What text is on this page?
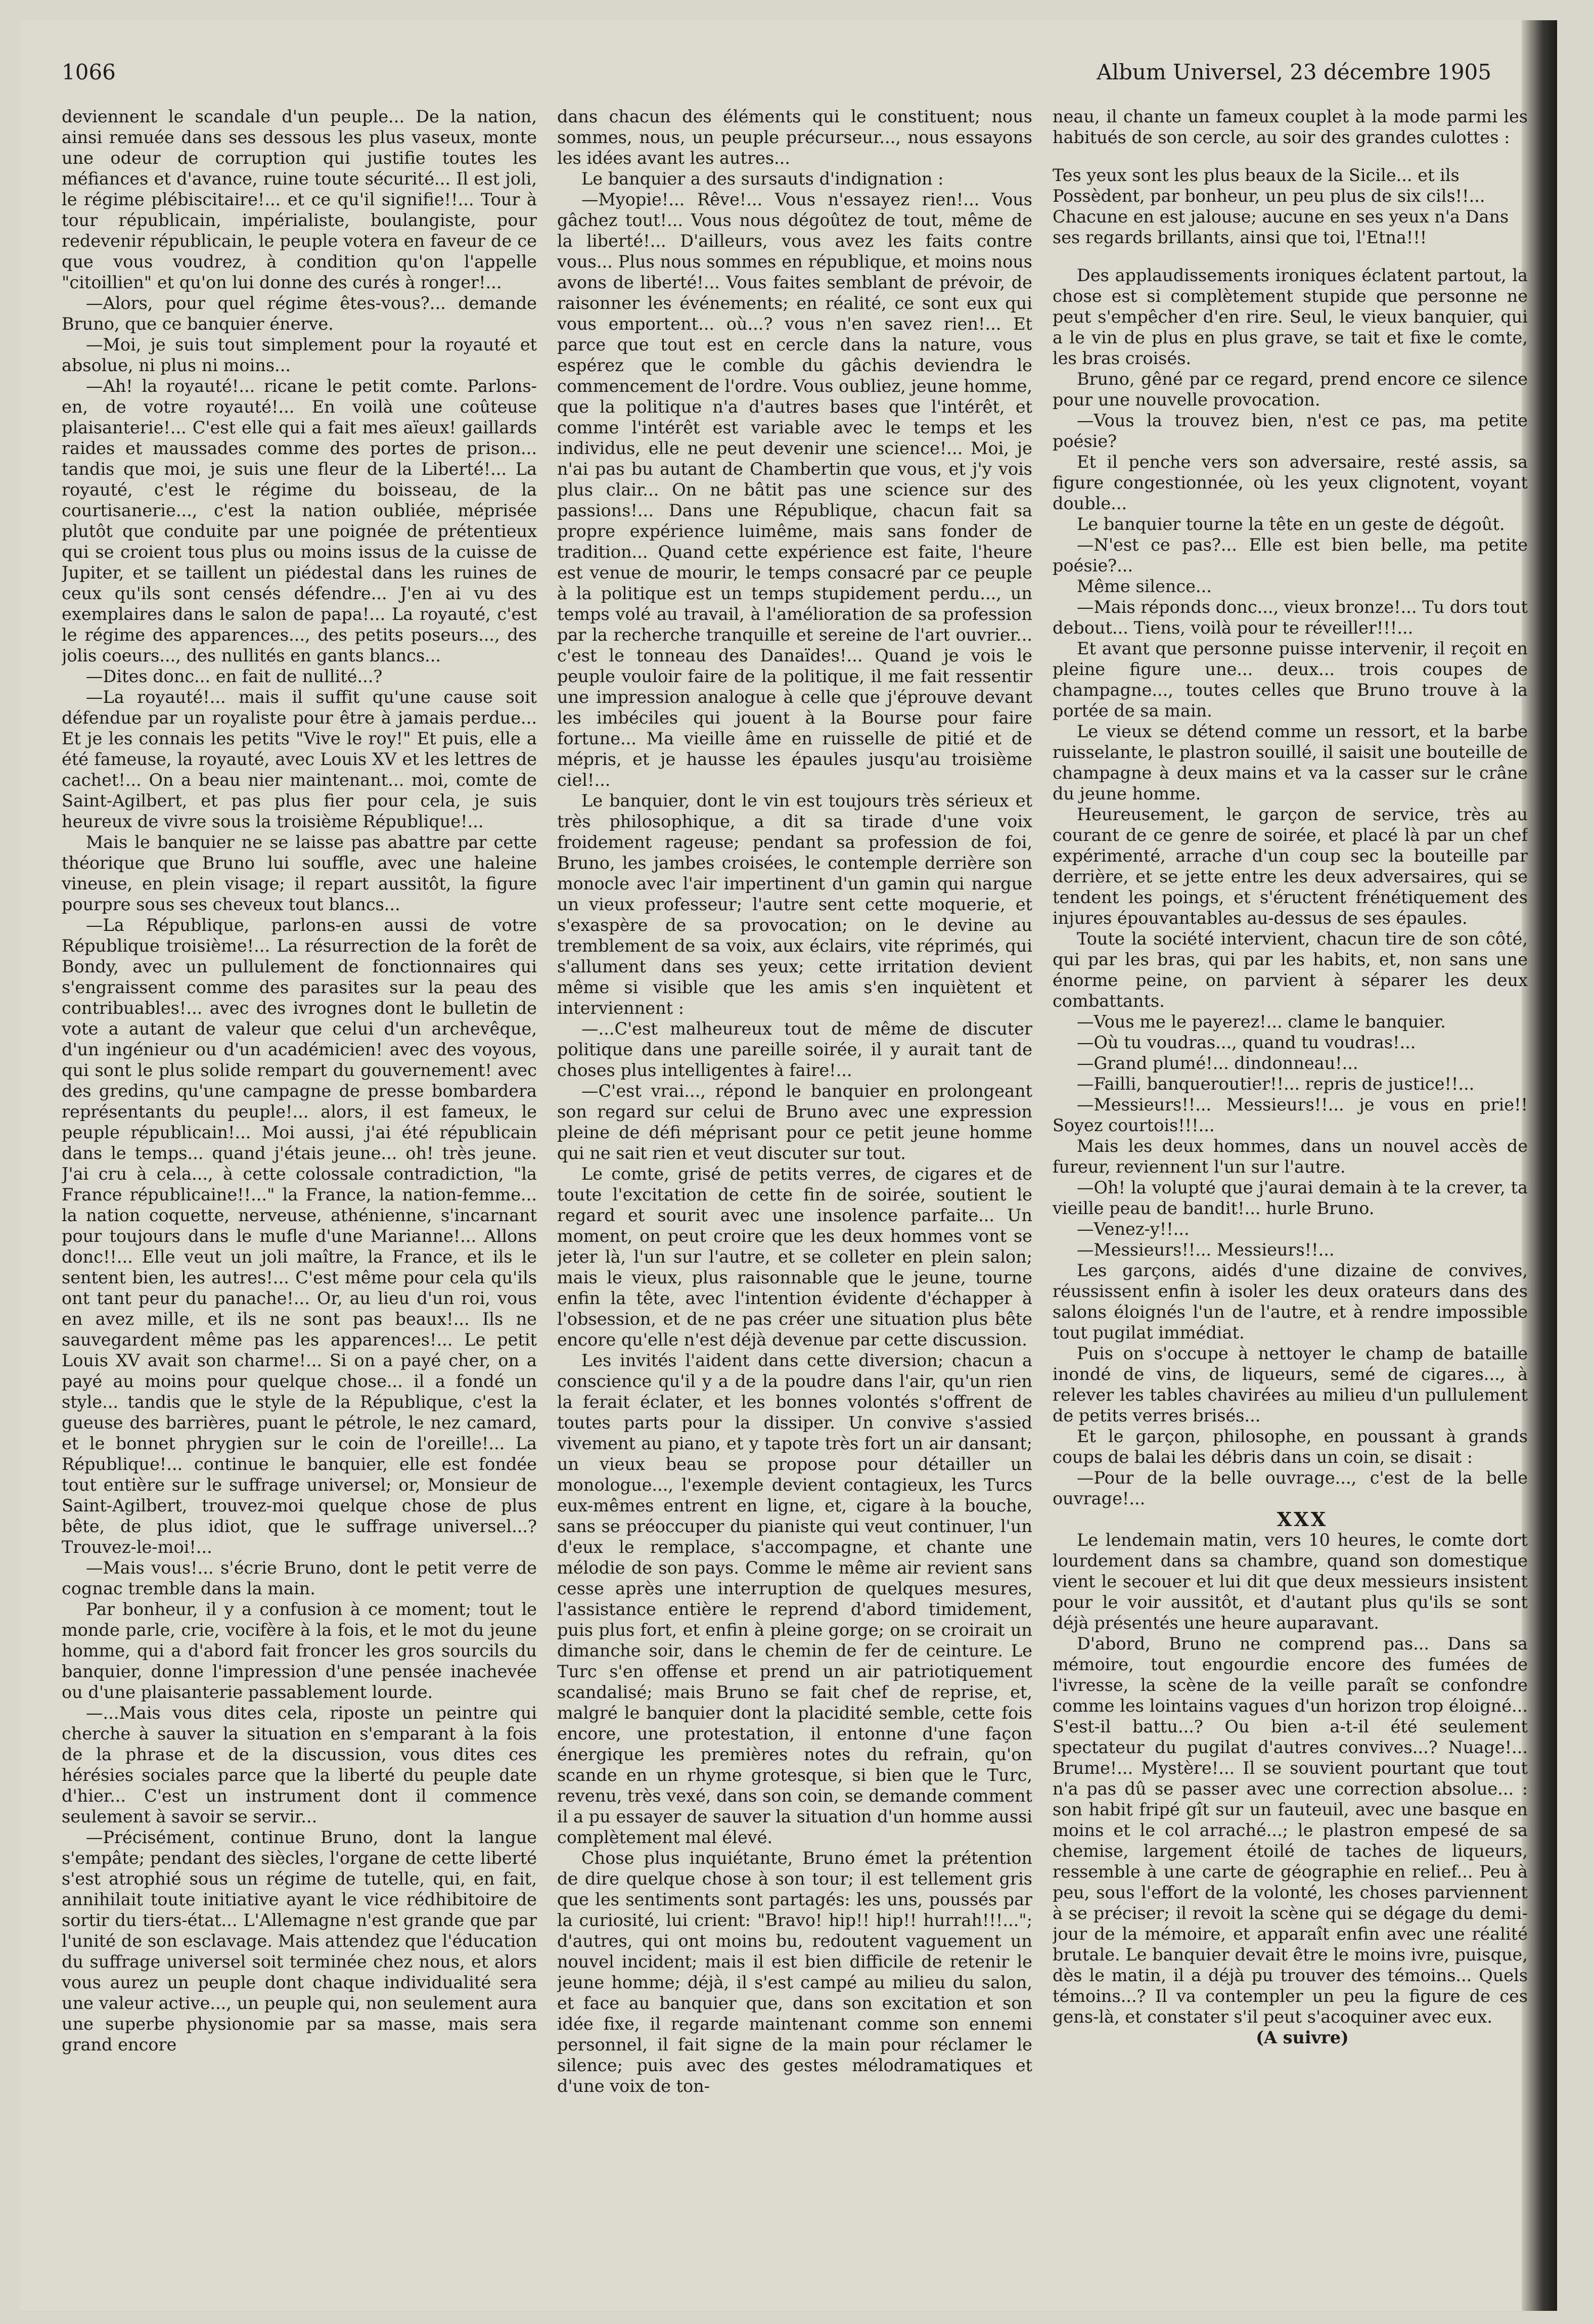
1066	Album Universel, 23 décembre 1905

deviennent le scandale d'un peuple... De la nation, ainsi remuée dans ses dessous les plus vaseux, monte une odeur de corruption qui justifie toutes les méfiances et d'avance, ruine toute sécurité... Il est joli, le régime plébiscitaire!... et ce qu'il signifie!!... Tour à tour républicain, impérialiste, boulangiste, pour redevenir républicain, le peuple votera en faveur de ce que vous voudrez, à condition qu'on l'appelle "citoillien" et qu'on lui donne des curés à ronger!...

—Alors, pour quel régime êtes-vous?... demande Bruno, que ce banquier énerve.

—Moi, je suis tout simplement pour la royauté et absolue, ni plus ni moins...

—Ah! la royauté!... ricane le petit comte. Parlons-en, de votre royauté!... En voilà une coûteuse plaisanterie!... C'est elle qui a fait mes aïeux! gaillards raides et maussades comme des portes de prison... tandis que moi, je suis une fleur de la Liberté!... La royauté, c'est le régime du boisseau, de la courtisanerie..., c'est la nation oubliée, méprisée plutôt que conduite par une poignée de prétentieux qui se croient tous plus ou moins issus de la cuisse de Jupiter, et se taillent un piédestal dans les ruines de ceux qu'ils sont censés défendre... J'en ai vu des exemplaires dans le salon de papa!... La royauté, c'est le régime des apparences..., des petits poseurs..., des jolis coeurs..., des nullités en gants blancs...

—Dites donc... en fait de nullité...?

—La royauté!... mais il suffit qu'une cause soit défendue par un royaliste pour être à jamais perdue... Et je les connais les petits "Vive le roy!" Et puis, elle a été fameuse, la royauté, avec Louis XV et les lettres de cachet!... On a beau nier maintenant... moi, comte de Saint-Agilbert, et pas plus fier pour cela, je suis heureux de vivre sous la troisième République!...

Mais le banquier ne se laisse pas abattre par cette théorique que Bruno lui souffle, avec une haleine vineuse, en plein visage; il repart aussitôt, la figure pourpre sous ses cheveux tout blancs...

—La République, parlons-en aussi de votre République troisième!... La résurrection de la forêt de Bondy, avec un pullulement de fonctionnaires qui s'engraissent comme des parasites sur la peau des contribuables!... avec des ivrognes dont le bulletin de vote a autant de valeur que celui d'un archevêque, d'un ingénieur ou d'un académicien! avec des voyous, qui sont le plus solide rempart du gouvernement! avec des gredins, qu'une campagne de presse bombardera représentants du peuple!... alors, il est fameux, le peuple républicain!... Moi aussi, j'ai été républicain dans le temps... quand j'étais jeune... oh! très jeune. J'ai cru à cela..., à cette colossale contradiction, "la France républicaine!!..." la France, la nation-femme... la nation coquette, nerveuse, athénienne, s'incarnant pour toujours dans le mufle d'une Marianne!... Allons donc!!... Elle veut un joli maître, la France, et ils le sentent bien, les autres!... C'est même pour cela qu'ils ont tant peur du panache!... Or, au lieu d'un roi, vous en avez mille, et ils ne sont pas beaux!... Ils ne sauvegardent même pas les apparences!... Le petit Louis XV avait son charme!... Si on a payé cher, on a payé au moins pour quelque chose... il a fondé un style... tandis que le style de la République, c'est la gueuse des barrières, puant le pétrole, le nez camard, et le bonnet phrygien sur le coin de l'oreille!... La République!... continue le banquier, elle est fondée tout entière sur le suffrage universel; or, Monsieur de Saint-Agilbert, trouvez-moi quelque chose de plus bête, de plus idiot, que le suffrage universel...? Trouvez-le-moi!...

—Mais vous!... s'écrie Bruno, dont le petit verre de cognac tremble dans la main.

Par bonheur, il y a confusion à ce moment; tout le monde parle, crie, vocifère à la fois, et le mot du jeune homme, qui a d'abord fait froncer les gros sourcils du banquier, donne l'impression d'une pensée inachevée ou d'une plaisanterie passablement lourde.

—...Mais vous dites cela, riposte un peintre qui cherche à sauver la situation en s'emparant à la fois de la phrase et de la discussion, vous dites ces hérésies sociales parce que la liberté du peuple date d'hier... C'est un instrument dont il commence seulement à savoir se servir...

—Précisément, continue Bruno, dont la langue s'empâte; pendant des siècles, l'organe de cette liberté s'est atrophié sous un régime de tutelle, qui, en fait, annihilait toute initiative ayant le vice rédhibitoire de sortir du tiers-état... L'Allemagne n'est grande que par l'unité de son esclavage. Mais attendez que l'éducation du suffrage universel soit terminée chez nous, et alors vous aurez un peuple dont chaque individualité sera une valeur active..., un peuple qui, non seulement aura une superbe physionomie par sa masse, mais sera grand encore

dans chacun des éléments qui le constituent; nous sommes, nous, un peuple précurseur..., nous essayons les idées avant les autres...

Le banquier a des sursauts d'indignation :

—Myopie!... Rêve!... Vous n'essayez rien!... Vous gâchez tout!... Vous nous dégoûtez de tout, même de la liberté!... D'ailleurs, vous avez les faits contre vous... Plus nous sommes en république, et moins nous avons de liberté!... Vous faites semblant de prévoir, de raisonner les événements; en réalité, ce sont eux qui vous emportent... où...? vous n'en savez rien!... Et parce que tout est en cercle dans la nature, vous espérez que le comble du gâchis deviendra le commencement de l'ordre. Vous oubliez, jeune homme, que la politique n'a d'autres bases que l'intérêt, et comme l'intérêt est variable avec le temps et les individus, elle ne peut devenir une science!... Moi, je n'ai pas bu autant de Chambertin que vous, et j'y vois plus clair... On ne bâtit pas une science sur des passions!... Dans une République, chacun fait sa propre expérience luimême, mais sans fonder de tradition... Quand cette expérience est faite, l'heure est venue de mourir, le temps consacré par ce peuple à la politique est un temps stupidement perdu..., un temps volé au travail, à l'amélioration de sa profession par la recherche tranquille et sereine de l'art ouvrier... c'est le tonneau des Danaïdes!... Quand je vois le peuple vouloir faire de la politique, il me fait ressentir une impression analogue à celle que j'éprouve devant les imbéciles qui jouent à la Bourse pour faire fortune... Ma vieille âme en ruisselle de pitié et de mépris, et je hausse les épaules jusqu'au troisième ciel!...

Le banquier, dont le vin est toujours très sérieux et très philosophique, a dit sa tirade d'une voix froidement rageuse; pendant sa profession de foi, Bruno, les jambes croisées, le contemple derrière son monocle avec l'air impertinent d'un gamin qui nargue un vieux professeur; l'autre sent cette moquerie, et s'exaspère de sa provocation; on le devine au tremblement de sa voix, aux éclairs, vite réprimés, qui s'allument dans ses yeux; cette irritation devient même si visible que les amis s'en inquiètent et interviennent :

—...C'est malheureux tout de même de discuter politique dans une pareille soirée, il y aurait tant de choses plus intelligentes à faire!...

—C'est vrai..., répond le banquier en prolongeant son regard sur celui de Bruno avec une expression pleine de défi méprisant pour ce petit jeune homme qui ne sait rien et veut discuter sur tout.

Le comte, grisé de petits verres, de cigares et de toute l'excitation de cette fin de soirée, soutient le regard et sourit avec une insolence parfaite... Un moment, on peut croire que les deux hommes vont se jeter là, l'un sur l'autre, et se colleter en plein salon; mais le vieux, plus raisonnable que le jeune, tourne enfin la tête, avec l'intention évidente d'échapper à l'obsession, et de ne pas créer une situation plus bête encore qu'elle n'est déjà devenue par cette discussion.

Les invités l'aident dans cette diversion; chacun a conscience qu'il y a de la poudre dans l'air, qu'un rien la ferait éclater, et les bonnes volontés s'offrent de toutes parts pour la dissiper. Un convive s'assied vivement au piano, et y tapote très fort un air dansant; un vieux beau se propose pour détailler un monologue..., l'exemple devient contagieux, les Turcs eux-mêmes entrent en ligne, et, cigare à la bouche, sans se préoccuper du pianiste qui veut continuer, l'un d'eux le remplace, s'accompagne, et chante une mélodie de son pays. Comme le même air revient sans cesse après une interruption de quelques mesures, l'assistance entière le reprend d'abord timidement, puis plus fort, et enfin à pleine gorge; on se croirait un dimanche soir, dans le chemin de fer de ceinture. Le Turc s'en offense et prend un air patriotiquement scandalisé; mais Bruno se fait chef de reprise, et, malgré le banquier dont la placidité semble, cette fois encore, une protestation, il entonne d'une façon énergique les premières notes du refrain, qu'on scande en un rhyme grotesque, si bien que le Turc, revenu, très vexé, dans son coin, se demande comment il a pu essayer de sauver la situation d'un homme aussi complètement mal élevé.

Chose plus inquiétante, Bruno émet la prétention de dire quelque chose à son tour; il est tellement gris que les sentiments sont partagés: les uns, poussés par la curiosité, lui crient: "Bravo! hip!! hip!! hurrah!!!..."; d'autres, qui ont moins bu, redoutent vaguement un nouvel incident; mais il est bien difficile de retenir le jeune homme; déjà, il s'est campé au milieu du salon, et face au banquier que, dans son excitation et son idée fixe, il regarde maintenant comme son ennemi personnel, il fait signe de la main pour réclamer le silence; puis avec des gestes mélodramatiques et d'une voix de ton-

neau, il chante un fameux couplet à la mode parmi les habitués de son cercle, au soir des grandes culottes :

Tes yeux sont les plus beaux de la Sicile... et ils Possèdent, par bonheur, un peu plus de six cils!!... Chacune en est jalouse; aucune en ses yeux n'a Dans ses regards brillants, ainsi que toi, l'Etna!!!

Des applaudissements ironiques éclatent partout, la chose est si complètement stupide que personne ne peut s'empêcher d'en rire. Seul, le vieux banquier, qui a le vin de plus en plus grave, se tait et fixe le comte, les bras croisés.

Bruno, gêné par ce regard, prend encore ce silence pour une nouvelle provocation.

—Vous la trouvez bien, n'est ce pas, ma petite poésie?

Et il penche vers son adversaire, resté assis, sa figure congestionnée, où les yeux clignotent, voyant double...

Le banquier tourne la tête en un geste de dégoût.

—N'est ce pas?... Elle est bien belle, ma petite poésie?...

Même silence...

—Mais réponds donc..., vieux bronze!... Tu dors tout debout... Tiens, voilà pour te réveiller!!!...

Et avant que personne puisse intervenir, il reçoit en pleine figure une... deux... trois coupes de champagne..., toutes celles que Bruno trouve à la portée de sa main.

Le vieux se détend comme un ressort, et la barbe ruisselante, le plastron souillé, il saisit une bouteille de champagne à deux mains et va la casser sur le crâne du jeune homme.

Heureusement, le garçon de service, très au courant de ce genre de soirée, et placé là par un chef expérimenté, arrache d'un coup sec la bouteille par derrière, et se jette entre les deux adversaires, qui se tendent les poings, et s'éructent frénétiquement des injures épouvantables au-dessus de ses épaules.

Toute la société intervient, chacun tire de son côté, qui par les bras, qui par les habits, et, non sans une énorme peine, on parvient à séparer les deux combattants.

—Vous me le payerez!... clame le banquier.

—Où tu voudras..., quand tu voudras!...

—Grand plumé!... dindonneau!...

—Failli, banqueroutier!!... repris de justice!!...

—Messieurs!!... Messieurs!!... je vous en prie!! Soyez courtois!!!...

Mais les deux hommes, dans un nouvel accès de fureur, reviennent l'un sur l'autre.

—Oh! la volupté que j'aurai demain à te la crever, ta vieille peau de bandit!... hurle Bruno.

—Venez-y!!...

—Messieurs!!... Messieurs!!...

Les garçons, aidés d'une dizaine de convives, réussissent enfin à isoler les deux orateurs dans des salons éloignés l'un de l'autre, et à rendre impossible tout pugilat immédiat.

Puis on s'occupe à nettoyer le champ de bataille inondé de vins, de liqueurs, semé de cigares..., à relever les tables chavirées au milieu d'un pullulement de petits verres brisés...

Et le garçon, philosophe, en poussant à grands coups de balai les débris dans un coin, se disait :

—Pour de la belle ouvrage..., c'est de la belle ouvrage!...

XXX

Le lendemain matin, vers 10 heures, le comte dort lourdement dans sa chambre, quand son domestique vient le secouer et lui dit que deux messieurs insistent pour le voir aussitôt, et d'autant plus qu'ils se sont déjà présentés une heure auparavant.

D'abord, Bruno ne comprend pas... Dans sa mémoire, tout engourdie encore des fumées de l'ivresse, la scène de la veille paraît se confondre comme les lointains vagues d'un horizon trop éloigné... S'est-il battu...? Ou bien a-t-il été seulement spectateur du pugilat d'autres convives...? Nuage!... Brume!... Mystère!... Il se souvient pourtant que tout n'a pas dû se passer avec une correction absolue... : son habit fripé gît sur un fauteuil, avec une basque en moins et le col arraché...; le plastron empesé de sa chemise, largement étoilé de taches de liqueurs, ressemble à une carte de géographie en relief... Peu à peu, sous l'effort de la volonté, les choses parviennent à se préciser; il revoit la scène qui se dégage du demi-jour de la mémoire, et apparaît enfin avec une réalité brutale. Le banquier devait être le moins ivre, puisque, dès le matin, il a déjà pu trouver des témoins... Quels témoins...? Il va contempler un peu la figure de ces gens-là, et constater s'il peut s'acoquiner avec eux.

(A suivre)
